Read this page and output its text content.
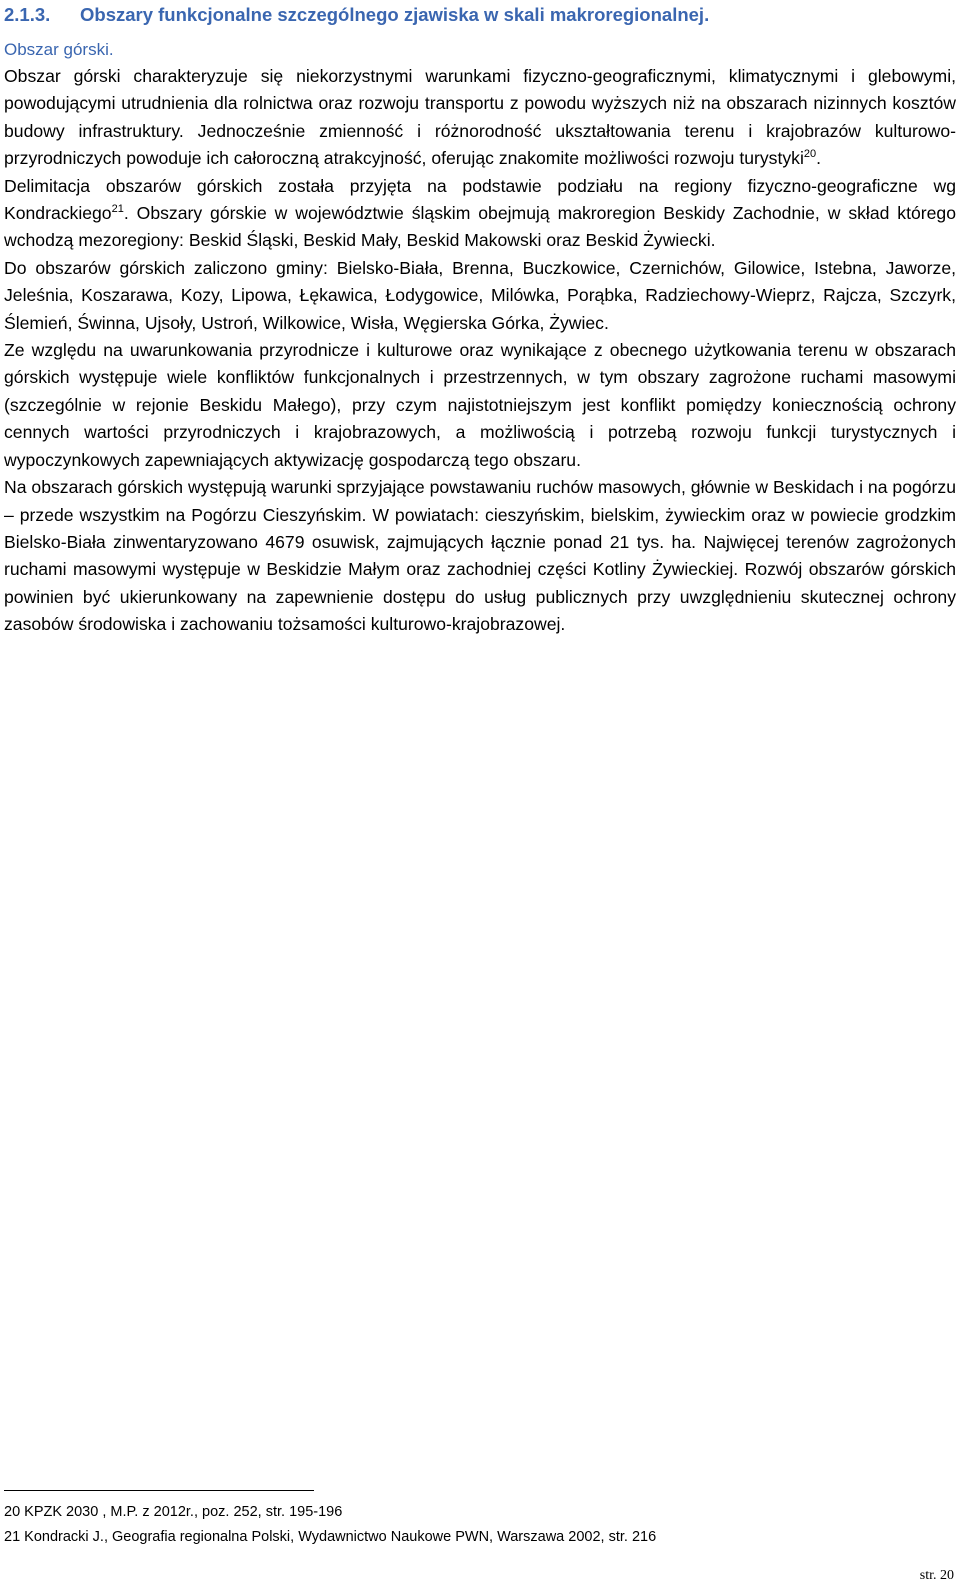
2.1.3. Obszary funkcjonalne szczególnego zjawiska w skali makroregionalnej.
Obszar górski.

Obszar górski charakteryzuje się niekorzystnymi warunkami fizyczno-geograficznymi, klimatycznymi i glebowymi, powodującymi utrudnienia dla rolnictwa oraz rozwoju transportu z powodu wyższych niż na obszarach nizinnych kosztów budowy infrastruktury. Jednocześnie zmienność i różnorodność ukształtowania terenu i krajobrazów kulturowo-przyrodniczych powoduje ich całoroczną atrakcyjność, oferując znakomite możliwości rozwoju turystyki$^{20}$.

Delimitacja obszarów górskich została przyjęta na podstawie podziału na regiony fizyczno-geograficzne wg Kondrackiego$^{21}$. Obszary górskie w województwie śląskim obejmują makroregion Beskidy Zachodnie, w skład którego wchodzą mezoregiony: Beskid Śląski, Beskid Mały, Beskid Makowski oraz Beskid Żywiecki.

Do obszarów górskich zaliczono gminy: Bielsko-Biała, Brenna, Buczkowice, Czernichów, Gilowice, Istebna, Jaworze, Jeleśnia, Koszarawa, Kozy, Lipowa, Łękawica, Łodygowice, Milówka, Porąbka, Radziechowy-Wieprz, Rajcza, Szczyrk, Ślemień, Świnna, Ujsoły, Ustroń, Wilkowice, Wisła, Węgierska Górka, Żywiec.

Ze względu na uwarunkowania przyrodnicze i kulturowe oraz wynikające z obecnego użytkowania terenu w obszarach górskich występuje wiele konfliktów funkcjonalnych i przestrzennych, w tym obszary zagrożone ruchami masowymi (szczególnie w rejonie Beskidu Małego), przy czym najistotniejszym jest konflikt pomiędzy koniecznością ochrony cennych wartości przyrodniczych i krajobrazowych, a możliwością i potrzebą rozwoju funkcji turystycznych i wypoczynkowych zapewniających aktywizację gospodarczą tego obszaru.

Na obszarach górskich występują warunki sprzyjające powstawaniu ruchów masowych, głównie w Beskidach i na pogórzu – przede wszystkim na Pogórzu Cieszyńskim. W powiatach: cieszyńskim, bielskim, żywieckim oraz w powiecie grodzkim Bielsko-Biała zinwentaryzowano 4679 osuwisk, zajmujących łącznie ponad 21 tys. ha. Najwięcej terenów zagrożonych ruchami masowymi występuje w Beskidzie Małym oraz zachodniej części Kotliny Żywieckiej. Rozwój obszarów górskich powinien być ukierunkowany na zapewnienie dostępu do usług publicznych przy uwzględnieniu skutecznej ochrony zasobów środowiska i zachowaniu tożsamości kulturowo-krajobrazowej.

20 KPZK 2030 , M.P. z 2012r., poz. 252, str. 195-196
21 Kondracki J., Geografia regionalna Polski, Wydawnictwo Naukowe PWN, Warszawa 2002, str. 216
str. 20
